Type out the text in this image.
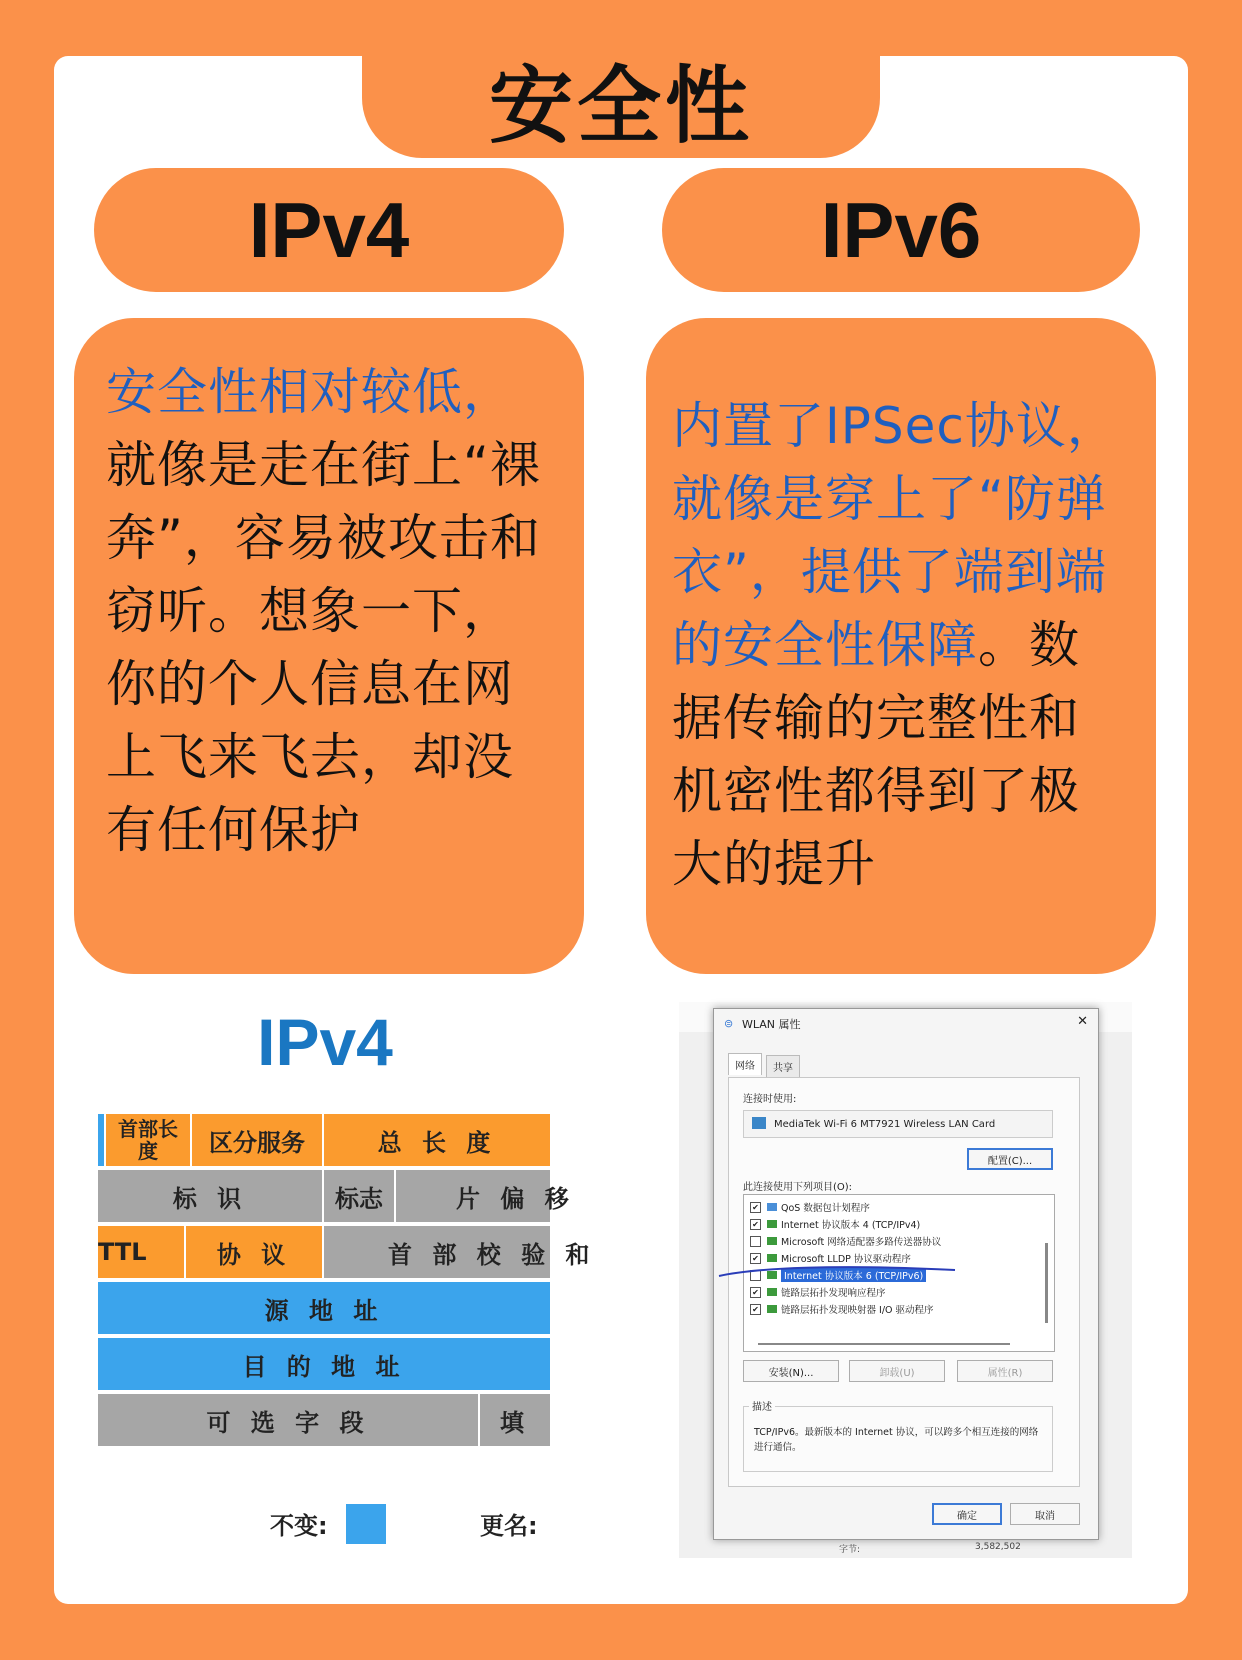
安全性
IPv4	IPv6

安全性相对较低，就像是走在街上“裸奔”，容易被攻击和窃听。想象一下，你的个人信息在网上飞来飞去，却没有任何保护

内置了IPSec协议，就像是穿上了“防弹衣”，提供了端到端的安全性保障。数据传输的完整性和机密性都得到了极大的提升

IPv4
首部长度	区分服务	总 长 度
标 识	标志	片 偏 移
TTL	协 议	首 部 校 验 和
源 地 址
目 的 地 址
可 选 字 段	填
不变:	更名:
字节:	3,582,502
⊜ WLAN 属性	✕
网络	共享
连接时使用:
MediaTek Wi-Fi 6 MT7921 Wireless LAN Card
配置(C)...
此连接使用下列项目(O):
✔ QoS 数据包计划程序
✔ Internet 协议版本 4 (TCP/IPv4)
Microsoft 网络适配器多路传送器协议
✔ Microsoft LLDP 协议驱动程序
Internet 协议版本 6 (TCP/IPv6)
✔ 链路层拓扑发现响应程序
✔ 链路层拓扑发现映射器 I/O 驱动程序
安装(N)...	卸载(U)	属性(R)
描述
TCP/IPv6。最新版本的 Internet 协议，可以跨多个相互连接的网络进行通信。
确定	取消
